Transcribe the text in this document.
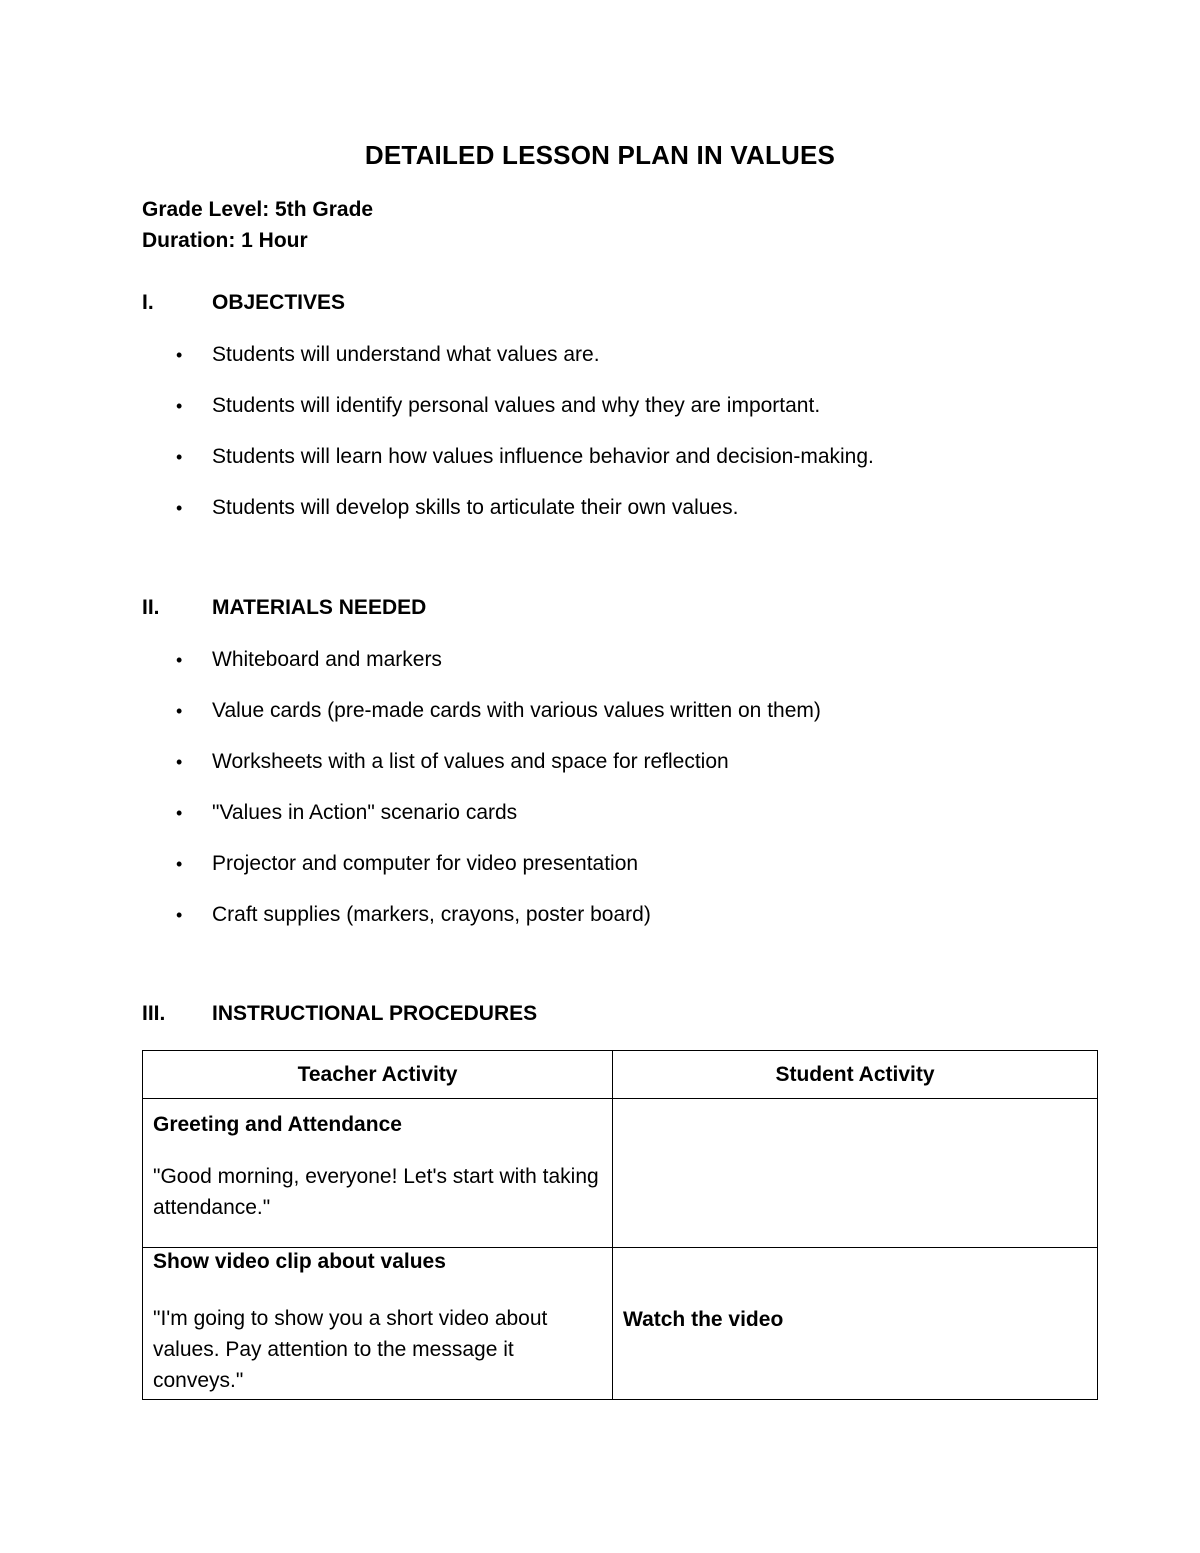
DETAILED LESSON PLAN IN VALUES
Grade Level: 5th Grade
Duration: 1 Hour
I.	OBJECTIVES
• Students will understand what values are.
• Students will identify personal values and why they are important.
• Students will learn how values influence behavior and decision-making.
• Students will develop skills to articulate their own values.
II. MATERIALS NEEDED
• Whiteboard and markers
• Value cards (pre-made cards with various values written on them)
• Worksheets with a list of values and space for reflection
• "Values in Action" scenario cards
• Projector and computer for video presentation
• Craft supplies (markers, crayons, poster board)
III. INSTRUCTIONAL PROCEDURES
Teacher Activity	Student Activity

Greeting and Attendance
"Good morning, everyone! Let's start with taking attendance."	

Show video clip about values
"I'm going to show you a short video about values. Pay attention to the message it conveys."	Watch the video
